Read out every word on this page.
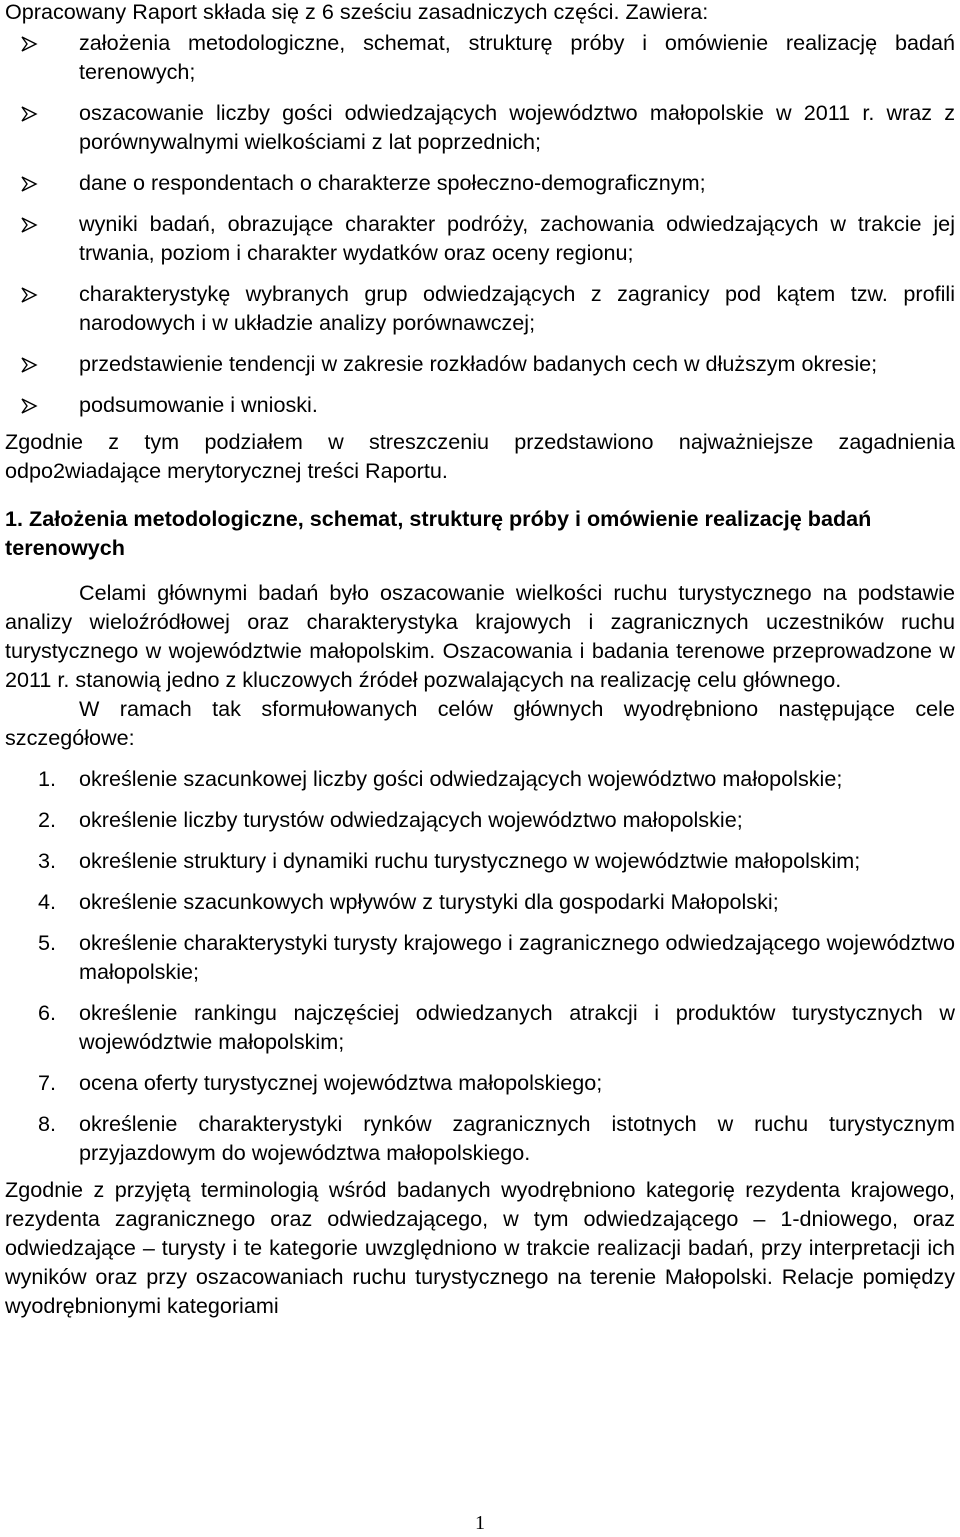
Opracowany Raport składa się z 6 sześciu zasadniczych części. Zawiera:

założenia metodologiczne, schemat, strukturę próby i omówienie realizację badań terenowych;
oszacowanie liczby gości odwiedzających województwo małopolskie w 2011 r. wraz z porównywalnymi wielkościami z lat poprzednich;
dane o respondentach o charakterze społeczno-demograficznym;
wyniki badań, obrazujące charakter podróży, zachowania odwiedzających w trakcie jej trwania, poziom i charakter wydatków oraz oceny regionu;
charakterystykę wybranych grup odwiedzających z zagranicy pod kątem tzw. profili narodowych i w układzie analizy porównawczej;
przedstawienie tendencji w zakresie rozkładów badanych cech w dłuższym okresie;
podsumowanie i wnioski.

Zgodnie z tym podziałem w streszczeniu przedstawiono najważniejsze zagadnienia odpo2wiadające merytorycznej treści Raportu.

1. Założenia metodologiczne, schemat, strukturę próby i omówienie realizację badań terenowych

Celami głównymi badań było oszacowanie wielkości ruchu turystycznego na podstawie analizy wieloźródłowej oraz charakterystyka krajowych i zagranicznych uczestników ruchu turystycznego w województwie małopolskim. Oszacowania i badania terenowe przeprowadzone w 2011 r. stanowią jedno z kluczowych źródeł pozwalających na realizację celu głównego.

W ramach tak sformułowanych celów głównych wyodrębniono następujące cele szczegółowe:

1. określenie szacunkowej liczby gości odwiedzających województwo małopolskie;
2. określenie liczby turystów odwiedzających województwo małopolskie;
3. określenie struktury i dynamiki ruchu turystycznego w województwie małopolskim;
4. określenie szacunkowych wpływów z turystyki dla gospodarki Małopolski;
5. określenie charakterystyki turysty krajowego i zagranicznego odwiedzającego województwo małopolskie;
6. określenie rankingu najczęściej odwiedzanych atrakcji i produktów turystycznych w województwie małopolskim;
7. ocena oferty turystycznej województwa małopolskiego;
8. określenie charakterystyki rynków zagranicznych istotnych w ruchu turystycznym przyjazdowym do województwa małopolskiego.

Zgodnie z przyjętą terminologią wśród badanych wyodrębniono kategorię rezydenta krajowego, rezydenta zagranicznego oraz odwiedzającego, w tym odwiedzającego – 1-dniowego, oraz odwiedzające – turysty i te kategorie uwzględniono w trakcie realizacji badań, przy interpretacji ich wyników oraz przy oszacowaniach ruchu turystycznego na terenie Małopolski. Relacje pomiędzy wyodrębnionymi kategoriami

1
